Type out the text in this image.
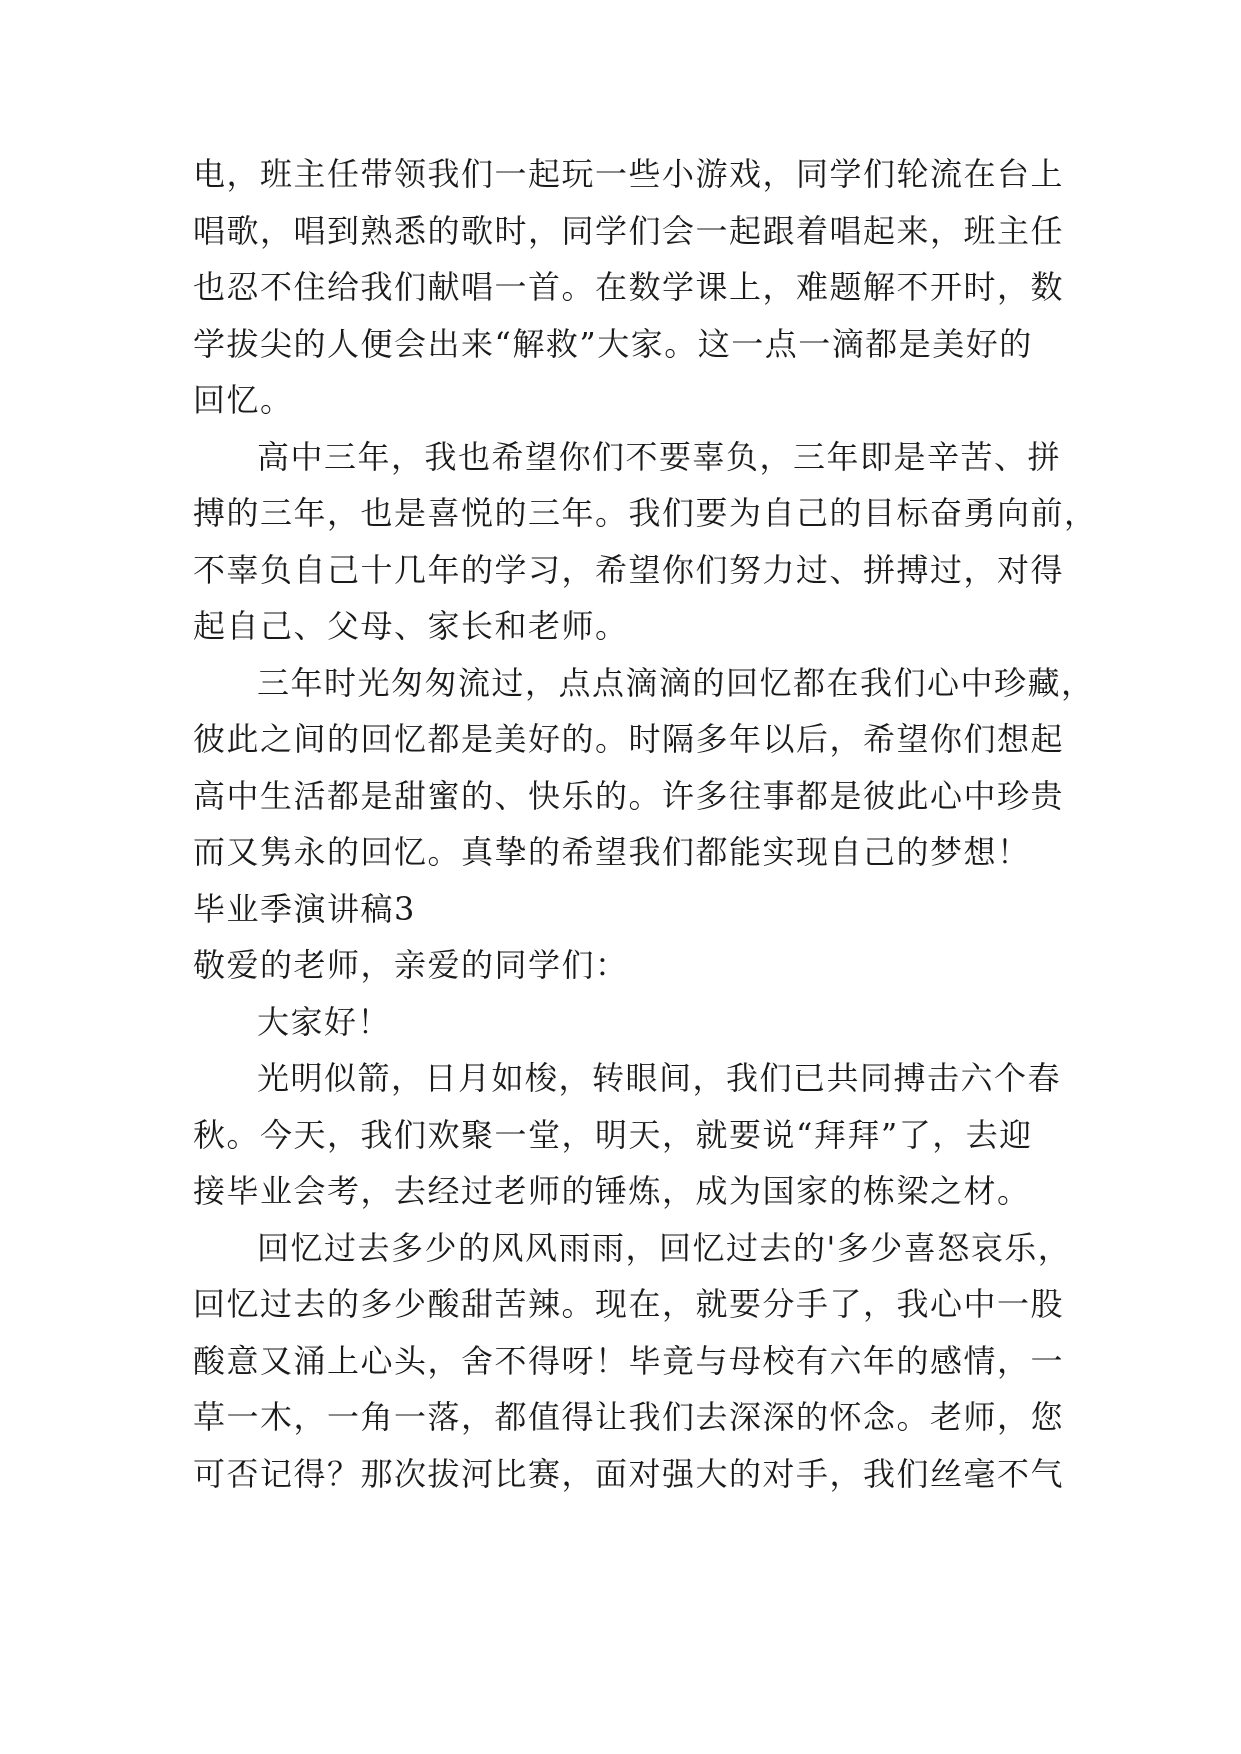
电，班主任带领我们一起玩一些小游戏，同学们轮流在台上
唱歌，唱到熟悉的歌时，同学们会一起跟着唱起来，班主任
也忍不住给我们献唱一首。在数学课上，难题解不开时，数
学拔尖的人便会出来“解救”大家。这一点一滴都是美好的
回忆。
高中三年，我也希望你们不要辜负，三年即是辛苦、拼
搏的三年，也是喜悦的三年。我们要为自己的目标奋勇向前，
不辜负自己十几年的学习，希望你们努力过、拼搏过，对得
起自己、父母、家长和老师。
三年时光匆匆流过，点点滴滴的回忆都在我们心中珍藏，
彼此之间的回忆都是美好的。时隔多年以后，希望你们想起
高中生活都是甜蜜的、快乐的。许多往事都是彼此心中珍贵
而又隽永的回忆。真挚的希望我们都能实现自己的梦想！
毕业季演讲稿3
敬爱的老师，亲爱的同学们：
大家好！
光明似箭，日月如梭，转眼间，我们已共同搏击六个春
秋。今天，我们欢聚一堂，明天，就要说“拜拜”了，去迎
接毕业会考，去经过老师的锤炼，成为国家的栋梁之材。
回忆过去多少的风风雨雨，回忆过去的'多少喜怒哀乐，
回忆过去的多少酸甜苦辣。现在，就要分手了，我心中一股
酸意又涌上心头，舍不得呀！毕竟与母校有六年的感情，一
草一木，一角一落，都值得让我们去深深的怀念。老师，您
可否记得？那次拔河比赛，面对强大的对手，我们丝毫不气
